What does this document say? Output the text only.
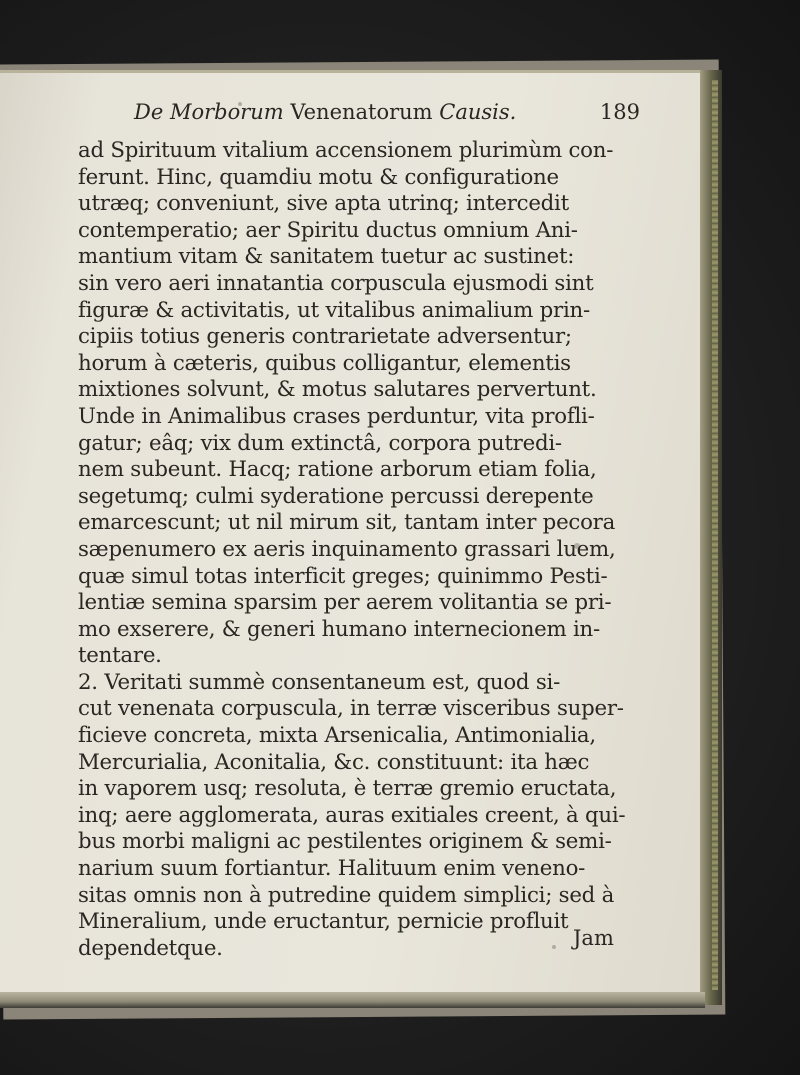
De Morborum Venenatorum Causis.	189
ad Spirituum vitalium accensionem plurimùm con-
ferunt. Hinc, quamdiu motu & configuratione
utræq; conveniunt, sive apta utrinq; intercedit
contemperatio; aer Spiritu ductus omnium Ani-
mantium vitam & sanitatem tuetur ac sustinet:
sin vero aeri innatantia corpuscula ejusmodi sint
figuræ & activitatis, ut vitalibus animalium prin-
cipiis totius generis contrarietate adversentur;
horum à cæteris, quibus colligantur, elementis
mixtiones solvunt, & motus salutares pervertunt.
Unde in Animalibus crases perduntur, vita profli-
gatur; eâq; vix dum extinctâ, corpora putredi-
nem subeunt. Hacq; ratione arborum etiam folia,
segetumq; culmi syderatione percussi derepente
emarcescunt; ut nil mirum sit, tantam inter pecora
sæpenumero ex aeris inquinamento grassari luem,
quæ simul totas interficit greges; quinimmo Pesti-
lentiæ semina sparsim per aerem volitantia se pri-
mo exserere, & generi humano internecionem in-
tentare.
2. Veritati summè consentaneum est, quod si-
cut venenata corpuscula, in terræ visceribus super-
ficieve concreta, mixta Arsenicalia, Antimonialia,
Mercurialia, Aconitalia, &c. constituunt: ita hæc
in vaporem usq; resoluta, è terræ gremio eructata,
inq; aere agglomerata, auras exitiales creent, à qui-
bus morbi maligni ac pestilentes originem & semi-
narium suum fortiantur. Halituum enim veneno-
sitas omnis non à putredine quidem simplici; sed à
Mineralium, unde eructantur, pernicie profluit
dependetque.	Jam
